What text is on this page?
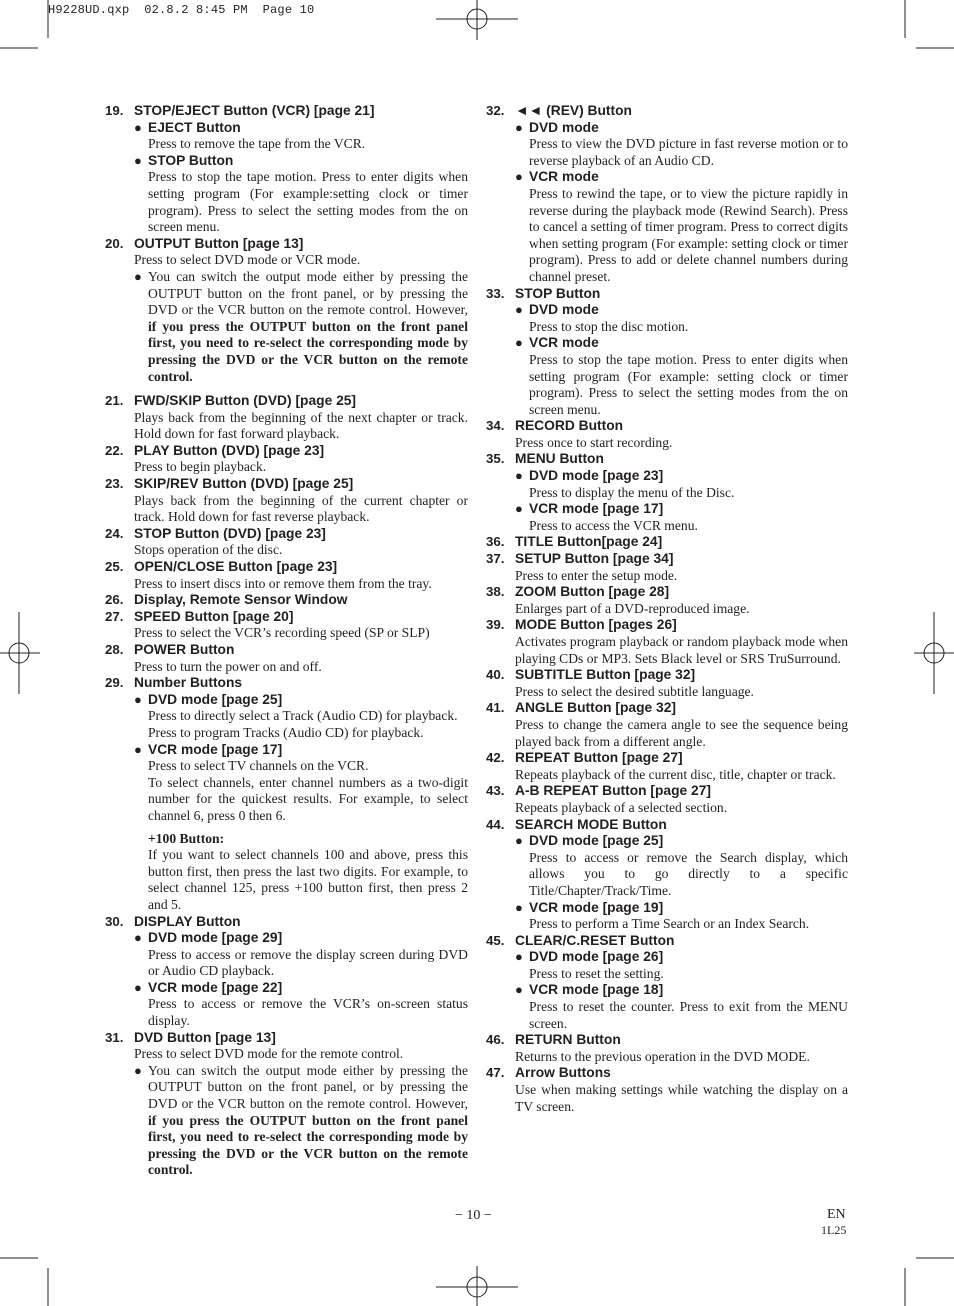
H9228UD.qxp  02.8.2 8:45 PM  Page 10
19. STOP/EJECT Button (VCR) [page 21]
● EJECT Button
Press to remove the tape from the VCR.
● STOP Button
Press to stop the tape motion. Press to enter digits when setting program (For example:setting clock or timer program). Press to select the setting modes from the on screen menu.
20. OUTPUT Button [page 13]
Press to select DVD mode or VCR mode.
● You can switch the output mode either by pressing the OUTPUT button on the front panel, or by pressing the DVD or the VCR button on the remote control. However, if you press the OUTPUT button on the front panel first, you need to re-select the corresponding mode by pressing the DVD or the VCR button on the remote control.
21. FWD/SKIP Button (DVD) [page 25]
Plays back from the beginning of the next chapter or track. Hold down for fast forward playback.
22. PLAY Button (DVD) [page 23]
Press to begin playback.
23. SKIP/REV Button (DVD) [page 25]
Plays back from the beginning of the current chapter or track. Hold down for fast reverse playback.
24. STOP Button (DVD) [page 23]
Stops operation of the disc.
25. OPEN/CLOSE Button [page 23]
Press to insert discs into or remove them from the tray.
26. Display, Remote Sensor Window
27. SPEED Button [page 20]
Press to select the VCR’s recording speed (SP or SLP)
28. POWER Button
Press to turn the power on and off.
29. Number Buttons
● DVD mode [page 25]
Press to directly select a Track (Audio CD) for playback.
Press to program Tracks (Audio CD) for playback.
● VCR mode [page 17]
Press to select TV channels on the VCR.
To select channels, enter channel numbers as a two-digit number for the quickest results. For example, to select channel 6, press 0 then 6.
+100 Button:
If you want to select channels 100 and above, press this button first, then press the last two digits. For example, to select channel 125, press +100 button first, then press 2 and 5.
30. DISPLAY Button
● DVD mode [page 29]
Press to access or remove the display screen during DVD or Audio CD playback.
● VCR mode [page 22]
Press to access or remove the VCR’s on-screen status display.
31. DVD Button [page 13]
Press to select DVD mode for the remote control.
● You can switch the output mode either by pressing the OUTPUT button on the front panel, or by pressing the DVD or the VCR button on the remote control. However, if you press the OUTPUT button on the front panel first, you need to re-select the corresponding mode by pressing the DVD or the VCR button on the remote control.
32. ◄◄ (REV) Button
● DVD mode
Press to view the DVD picture in fast reverse motion or to reverse playback of an Audio CD.
● VCR mode
Press to rewind the tape, or to view the picture rapidly in reverse during the playback mode (Rewind Search). Press to cancel a setting of timer program. Press to correct digits when setting program (For example: setting clock or timer program). Press to add or delete channel numbers during channel preset.
33. STOP Button
● DVD mode
Press to stop the disc motion.
● VCR mode
Press to stop the tape motion. Press to enter digits when setting program (For example: setting clock or timer program). Press to select the setting modes from the on screen menu.
34. RECORD Button
Press once to start recording.
35. MENU Button
● DVD mode [page 23]
Press to display the menu of the Disc.
● VCR mode [page 17]
Press to access the VCR menu.
36. TITLE Button[page 24]
37. SETUP Button [page 34]
Press to enter the setup mode.
38. ZOOM Button [page 28]
Enlarges part of a DVD-reproduced image.
39. MODE Button [pages 26]
Activates program playback or random playback mode when playing CDs or MP3. Sets Black level or SRS TruSurround.
40. SUBTITLE Button [page 32]
Press to select the desired subtitle language.
41. ANGLE Button [page 32]
Press to change the camera angle to see the sequence being played back from a different angle.
42. REPEAT Button [page 27]
Repeats playback of the current disc, title, chapter or track.
43. A-B REPEAT Button [page 27]
Repeats playback of a selected section.
44. SEARCH MODE Button
● DVD mode [page 25]
Press to access or remove the Search display, which allows you to go directly to a specific Title/Chapter/Track/Time.
● VCR mode [page 19]
Press to perform a Time Search or an Index Search.
45. CLEAR/C.RESET Button
● DVD mode [page 26]
Press to reset the setting.
● VCR mode [page 18]
Press to reset the counter. Press to exit from the MENU screen.
46. RETURN Button
Returns to the previous operation in the DVD MODE.
47. Arrow Buttons
Use when making settings while watching the display on a TV screen.
− 10 −	EN
1L25
